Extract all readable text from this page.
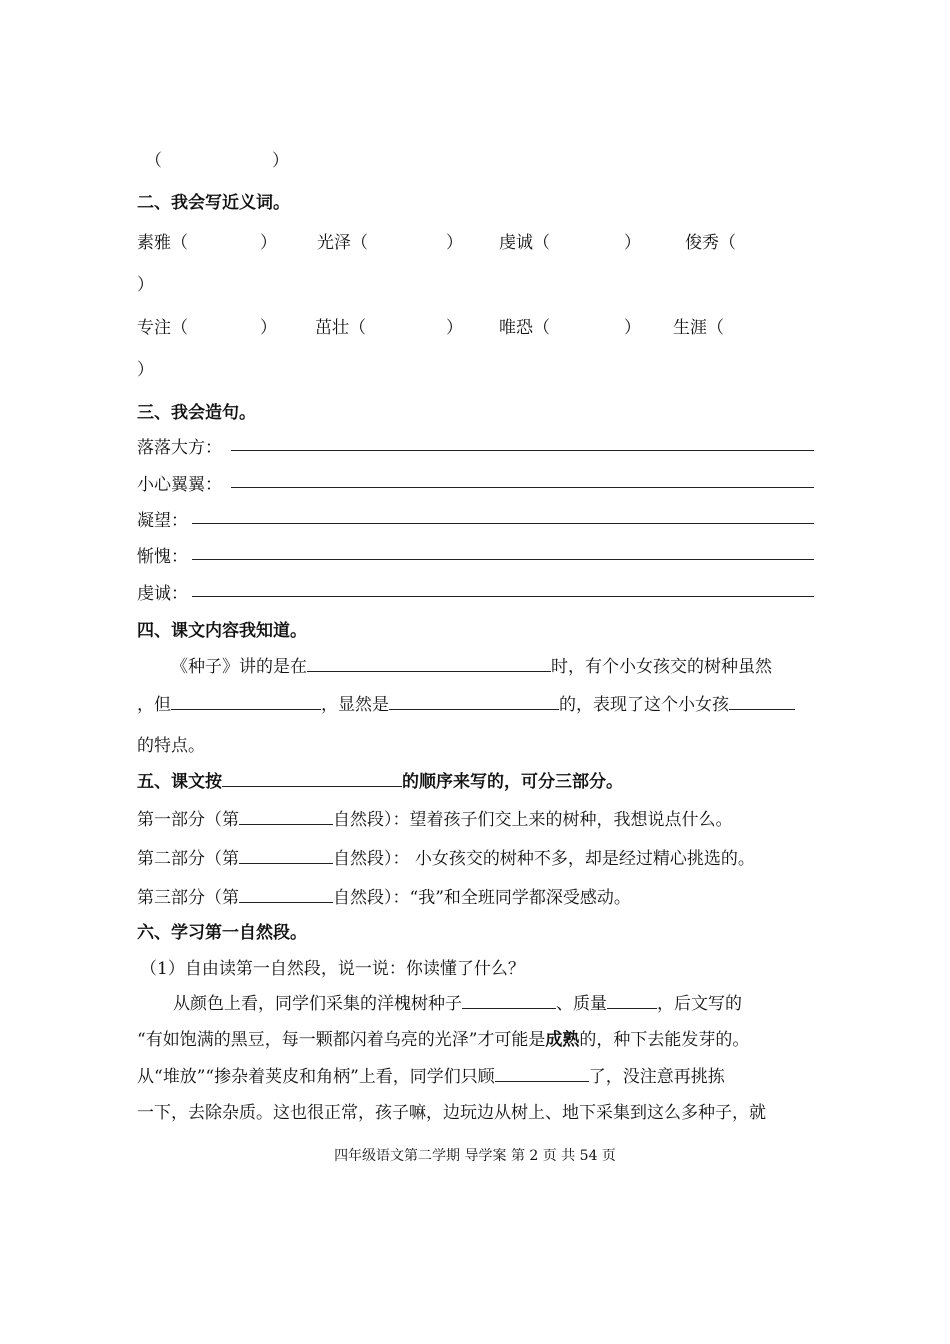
（	）
二、我会写近义词。
素雅（	） 光泽（	） 虔诚（	）	俊秀（
）
专注（	） 茁壮（	） 唯恐（	） 生涯（
）
三、我会造句。
落落大方：
小心翼翼：
凝望：
惭愧：
虔诚：
四、课文内容我知道。
《种子》讲的是在	时，有个小女孩交的树种虽然
，但	，显然是	的，表现了这个小女孩
的特点。
五、课文按	的顺序来写的，可分三部分。
第一部分（第	自然段）：望着孩子们交上来的树种，我想说点什么。
第二部分（第	自然段）： 小女孩交的树种不多，却是经过精心挑选的。
第三部分（第	自然段）：“我”和全班同学都深受感动。
六、学习第一自然段。
（1）自由读第一自然段，说一说：你读懂了什么？
从颜色上看，同学们采集的洋槐树种子	、质量	，后文写的
“有如饱满的黑豆，每一颗都闪着乌亮的光泽”才可能是成熟的，种下去能发芽的。
从“堆放”“掺杂着荚皮和角柄”上看，同学们只顾	了，没注意再挑拣
一下，去除杂质。这也很正常，孩子嘛，边玩边从树上、地下采集到这么多种子，就
四年级语文第二学期 导学案 第 2 页 共 54 页
